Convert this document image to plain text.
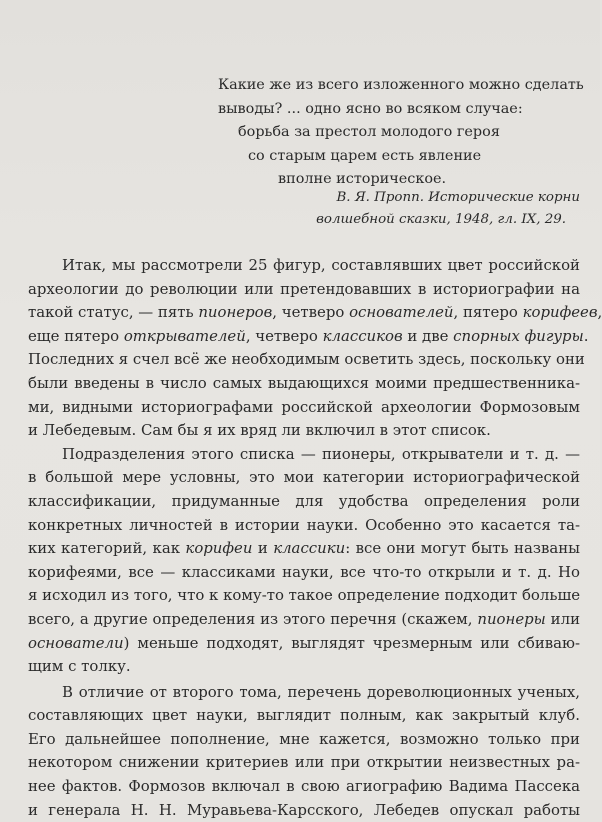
Какие же из всего изложенного можно сделать
выводы? ... одно ясно во всяком случае:
борьба за престол молодого героя
со старым царем есть явление
вполне историческое.
В. Я. Пропп. Исторические корни
волшебной сказки, 1948, гл. IX, 29.
Итак, мы рассмотрели 25 фигур, составлявших цвет российской
археологии до революции или претендовавших в историографии на
такой статус, — пять пионеров, четверо основателей, пятеро корифеев,
еще пятеро открывателей, четверо классиков и две спорных фигуры.
Последних я счел всё же необходимым осветить здесь, поскольку они
были введены в число самых выдающихся моими предшественника-
ми, видными историографами российской археологии Формозовым
и Лебедевым. Сам бы я их вряд ли включил в этот список.
Подразделения этого списка — пионеры, открыватели и т. д. —
в большой мере условны, это мои категории историографической
классификации, придуманные для удобства определения роли
конкретных личностей в истории науки. Особенно это касается та-
ких категорий, как корифеи и классики: все они могут быть названы
корифеями, все — классиками науки, все что-то открыли и т. д. Но
я исходил из того, что к кому-то такое определение подходит больше
всего, а другие определения из этого перечня (скажем, пионеры или
основатели) меньше подходят, выглядят чрезмерным или сбиваю-
щим с толку.
В отличие от второго тома, перечень дореволюционных ученых,
составляющих цвет науки, выглядит полным, как закрытый клуб.
Его дальнейшее пополнение, мне кажется, возможно только при
некотором снижении критериев или при открытии неизвестных ра-
нее фактов. Формозов включал в свою агиографию Вадима Пассека
и генерала Н. Н. Муравьева-Карсского, Лебедев опускал работы
